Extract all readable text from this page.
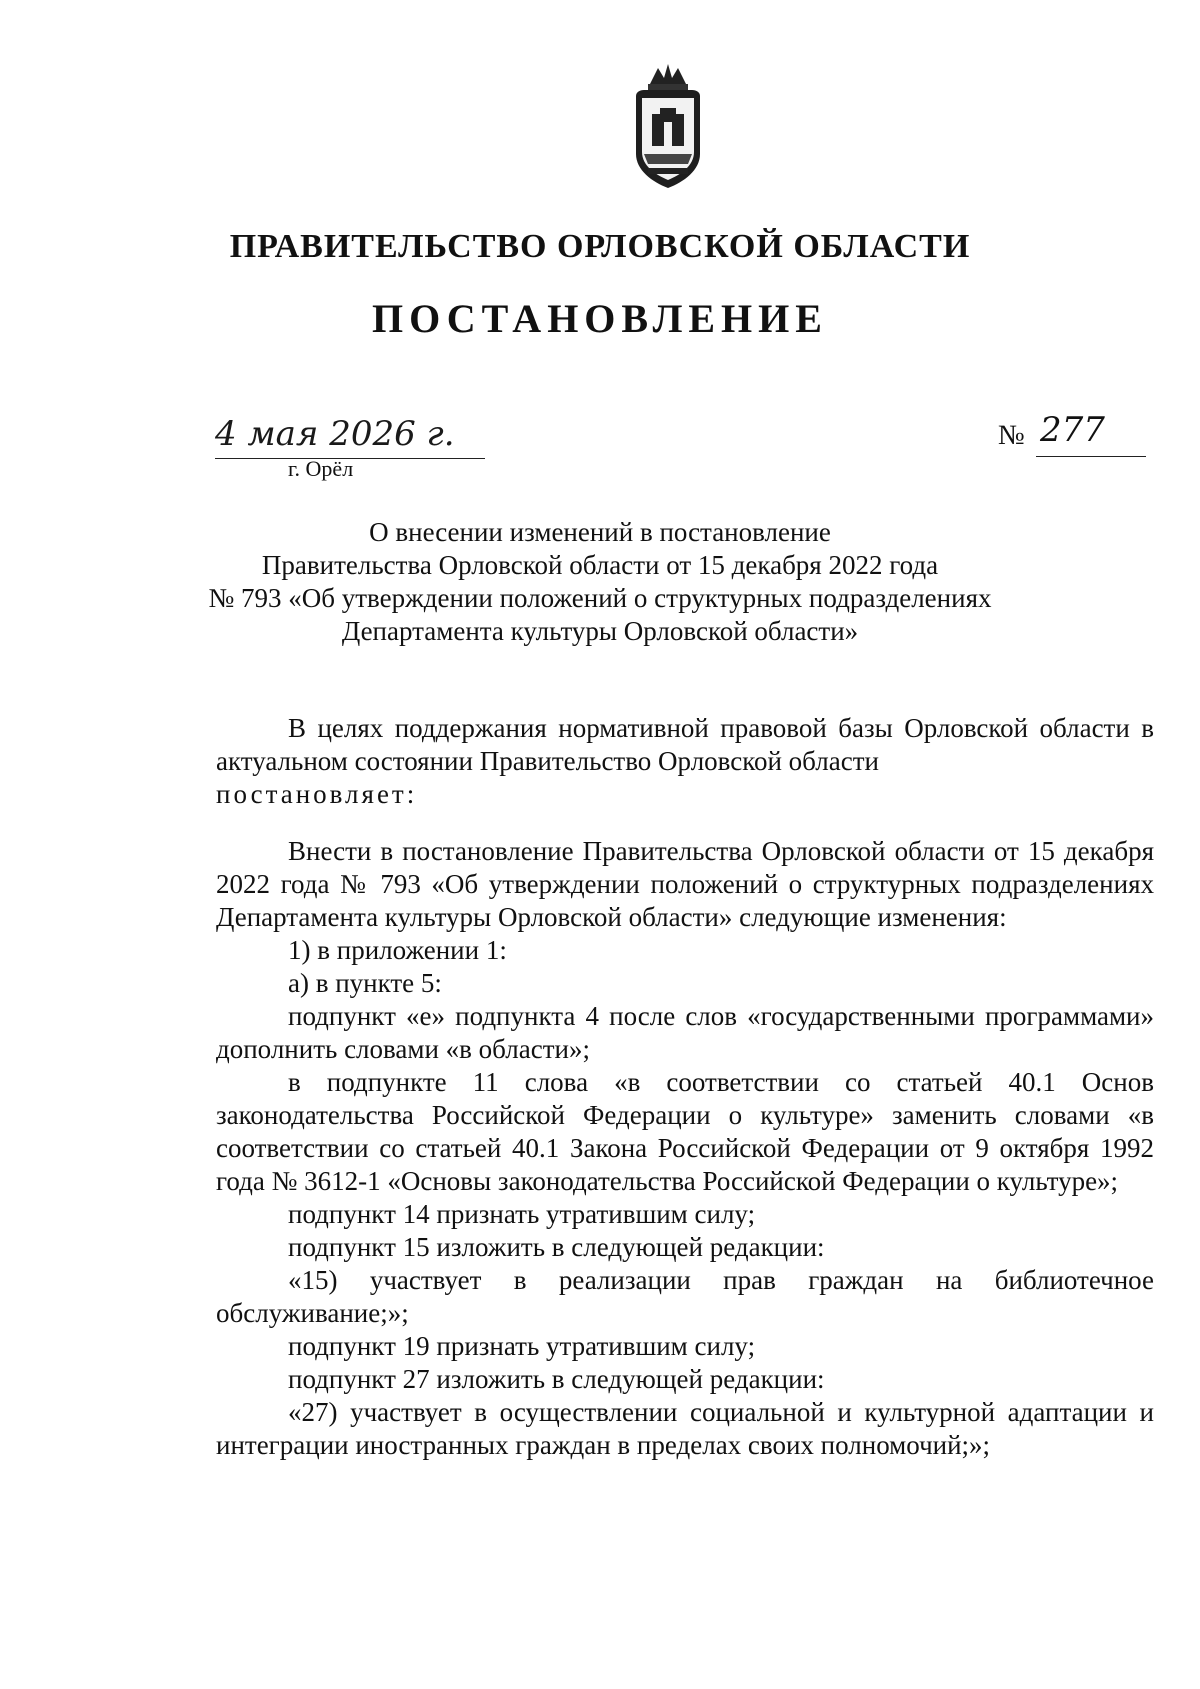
ПРАВИТЕЛЬСТВО ОРЛОВСКОЙ ОБЛАСТИ
ПОСТАНОВЛЕНИЕ
4 мая 2026 г.
г. Орёл
№ 277
О внесении изменений в постановление
Правительства Орловской области от 15 декабря 2022 года
№ 793 «Об утверждении положений о структурных подразделениях
Департамента культуры Орловской области»

В целях поддержания нормативной правовой базы Орловской области в актуальном состоянии Правительство Орловской области

постановляет:

Внести в постановление Правительства Орловской области от 15 декабря 2022 года № 793 «Об утверждении положений о структурных подразделениях Департамента культуры Орловской области» следующие изменения:

1) в приложении 1:

а) в пункте 5:

подпункт «е» подпункта 4 после слов «государственными программами» дополнить словами «в области»;

в подпункте 11 слова «в соответствии со статьей 40.1 Основ законодательства Российской Федерации о культуре» заменить словами «в соответствии со статьей 40.1 Закона Российской Федерации от 9 октября 1992 года № 3612-1 «Основы законодательства Российской Федерации о культуре»;

подпункт 14 признать утратившим силу;

подпункт 15 изложить в следующей редакции:

«15) участвует в реализации прав граждан на библиотечное обслуживание;»;

подпункт 19 признать утратившим силу;

подпункт 27 изложить в следующей редакции:

«27) участвует в осуществлении социальной и культурной адаптации и интеграции иностранных граждан в пределах своих полномочий;»;
